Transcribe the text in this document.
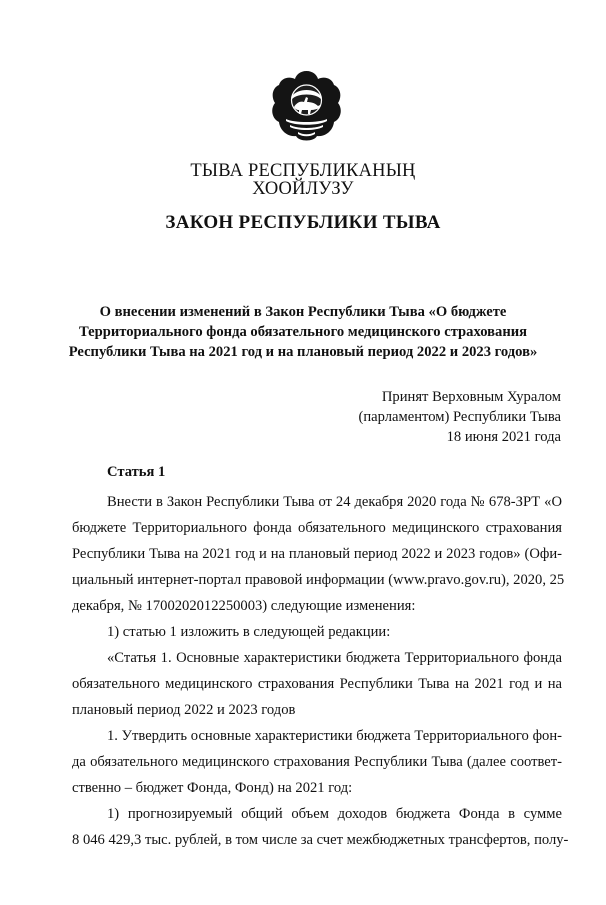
ТЫВА РЕСПУБЛИКАНЫҢ
ХООЙЛУЗУ
ЗАКОН РЕСПУБЛИКИ ТЫВА
О внесении изменений в Закон Республики Тыва «О бюджете
Территориального фонда обязательного медицинского страхования
Республики Тыва на 2021 год и на плановый период 2022 и 2023 годов»
Принят Верховным Хуралом
(парламентом) Республики Тыва
18 июня 2021 года
Статья 1
Внести в Закон Республики Тыва от 24 декабря 2020 года № 678-ЗРТ «О
бюджете Территориального фонда обязательного медицинского страхования
Республики Тыва на 2021 год и на плановый период 2022 и 2023 годов» (Офи-
циальный интернет-портал правовой информации (www.pravo.gov.ru), 2020, 25
декабря, № 1700202012250003) следующие изменения:
1) статью 1 изложить в следующей редакции:
«Статья 1. Основные характеристики бюджета Территориального фонда
обязательного медицинского страхования Республики Тыва на 2021 год и на
плановый период 2022 и 2023 годов
1. Утвердить основные характеристики бюджета Территориального фон-
да обязательного медицинского страхования Республики Тыва (далее соответ-
ственно – бюджет Фонда, Фонд) на 2021 год:
1) прогнозируемый общий объем доходов бюджета Фонда в сумме
8 046 429,3 тыс. рублей, в том числе за счет межбюджетных трансфертов, полу-
